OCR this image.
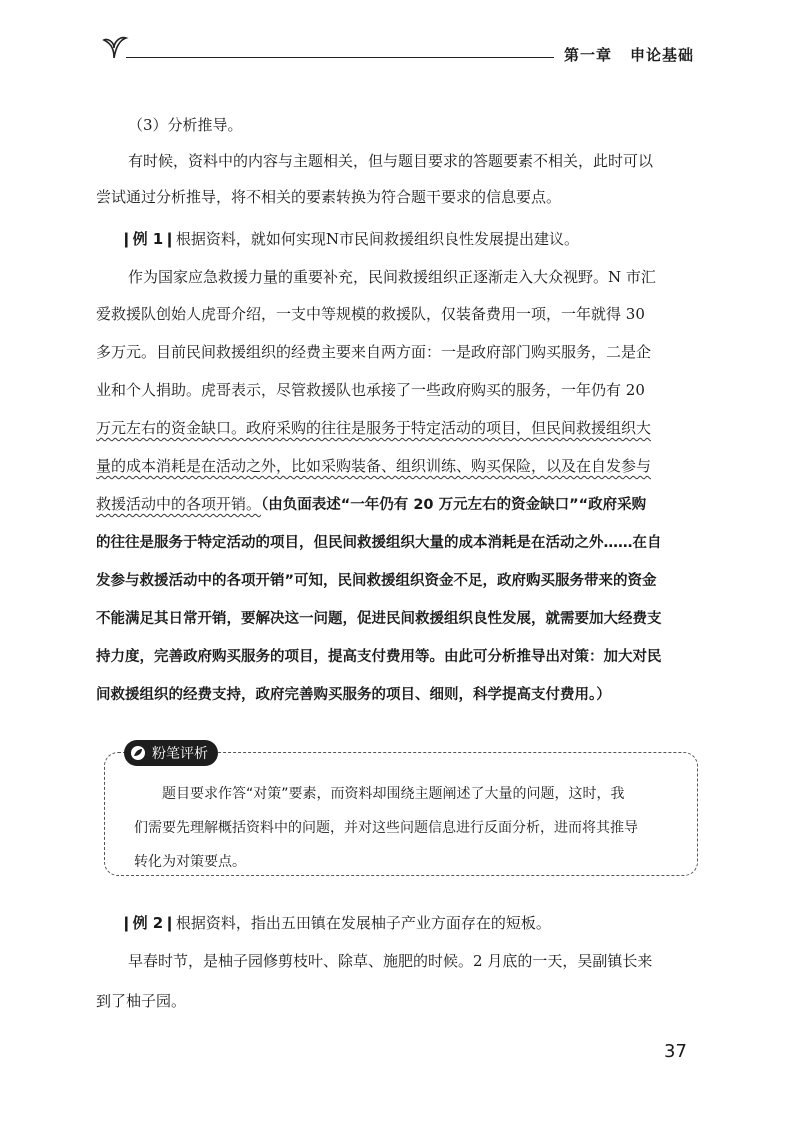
第一章 申论基础
（3）分析推导。
有时候，资料中的内容与主题相关，但与题目要求的答题要素不相关，此时可以
尝试通过分析推导，将不相关的要素转换为符合题干要求的信息要点。
❙例 1❙根据资料，就如何实现N市民间救援组织良性发展提出建议。
作为国家应急救援力量的重要补充，民间救援组织正逐渐走入大众视野。N 市汇
爱救援队创始人虎哥介绍，一支中等规模的救援队，仅装备费用一项，一年就得 30
多万元。目前民间救援组织的经费主要来自两方面：一是政府部门购买服务，二是企
业和个人捐助。虎哥表示，尽管救援队也承接了一些政府购买的服务，一年仍有 20
万元左右的资金缺口。政府采购的往往是服务于特定活动的项目，但民间救援组织大
量的成本消耗是在活动之外，比如采购装备、组织训练、购买保险，以及在自发参与
救援活动中的各项开销。（由负面表述“一年仍有 20 万元左右的资金缺口”“政府采购
的往往是服务于特定活动的项目，但民间救援组织大量的成本消耗是在活动之外……在自
发参与救援活动中的各项开销”可知，民间救援组织资金不足，政府购买服务带来的资金
不能满足其日常开销，要解决这一问题，促进民间救援组织良性发展，就需要加大经费支
持力度，完善政府购买服务的项目，提高支付费用等。由此可分析推导出对策：加大对民
间救援组织的经费支持，政府完善购买服务的项目、细则，科学提高支付费用。）
粉笔评析
题目要求作答“对策”要素，而资料却围绕主题阐述了大量的问题，这时，我
们需要先理解概括资料中的问题，并对这些问题信息进行反面分析，进而将其推导
转化为对策要点。
❙例 2❙根据资料，指出五田镇在发展柚子产业方面存在的短板。
早春时节，是柚子园修剪枝叶、除草、施肥的时候。2 月底的一天，吴副镇长来
到了柚子园。
37
